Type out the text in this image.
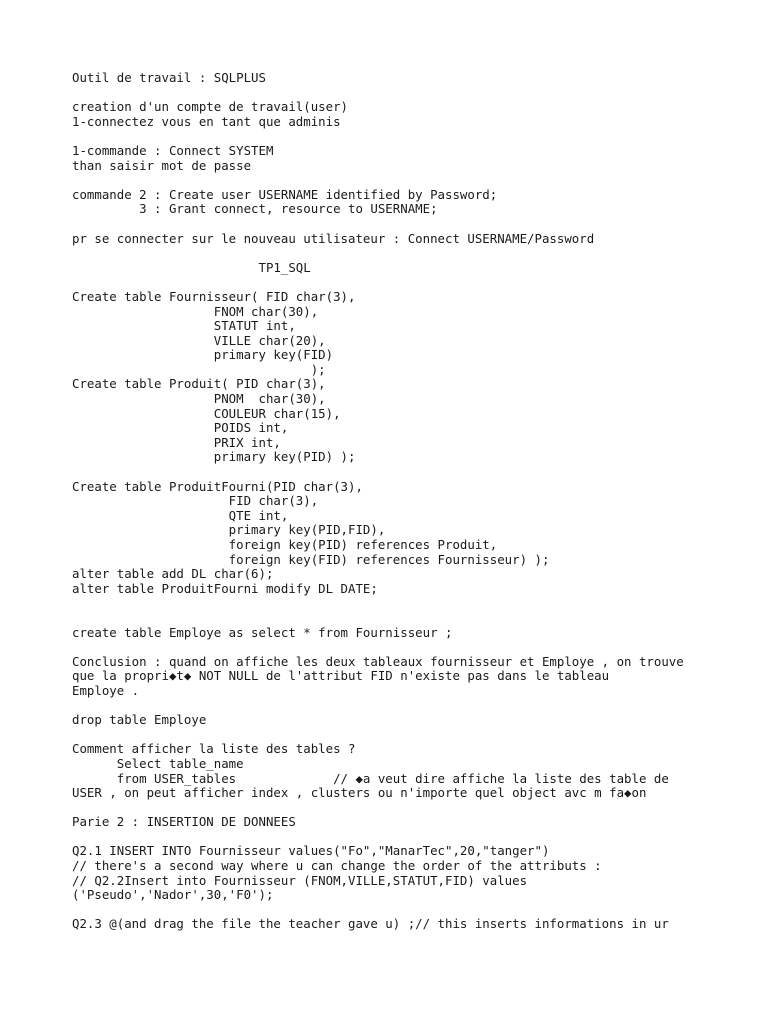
Outil de travail : SQLPLUS
creation d'un compte de travail(user)
1-connectez vous en tant que adminis
1-commande : Connect SYSTEM
than saisir mot de passe
commande 2 : Create user USERNAME identified by Password;
3 : Grant connect, resource to USERNAME;
pr se connecter sur le nouveau utilisateur : Connect USERNAME/Password
TP1_SQL
Create table Fournisseur( FID char(3),
FNOM char(30),
STATUT int,
VILLE char(20),
primary key(FID)
);
Create table Produit( PID char(3),
PNOM  char(30),
COULEUR char(15),
POIDS int,
PRIX int,
primary key(PID) );
Create table ProduitFourni(PID char(3),
FID char(3),
QTE int,
primary key(PID,FID),
foreign key(PID) references Produit,
foreign key(FID) references Fournisseur) );
alter table add DL char(6);
alter table ProduitFourni modify DL DATE;
create table Employe as select * from Fournisseur ;
Conclusion : quand on affiche les deux tableaux fournisseur et Employe , on trouve
que la propri◆t◆ NOT NULL de l'attribut FID n'existe pas dans le tableau
Employe .
drop table Employe
Comment afficher la liste des tables ?
Select table_name
from USER_tables             // ◆a veut dire affiche la liste des table de
USER , on peut afficher index , clusters ou n'importe quel object avc m fa◆on
Parie 2 : INSERTION DE DONNEES
Q2.1 INSERT INTO Fournisseur values("Fo","ManarTec",20,"tanger")
// there's a second way where u can change the order of the attributs :
// Q2.2Insert into Fournisseur (FNOM,VILLE,STATUT,FID) values
('Pseudo','Nador',30,'F0');
Q2.3 @(and drag the file the teacher gave u) ;// this inserts informations in ur
